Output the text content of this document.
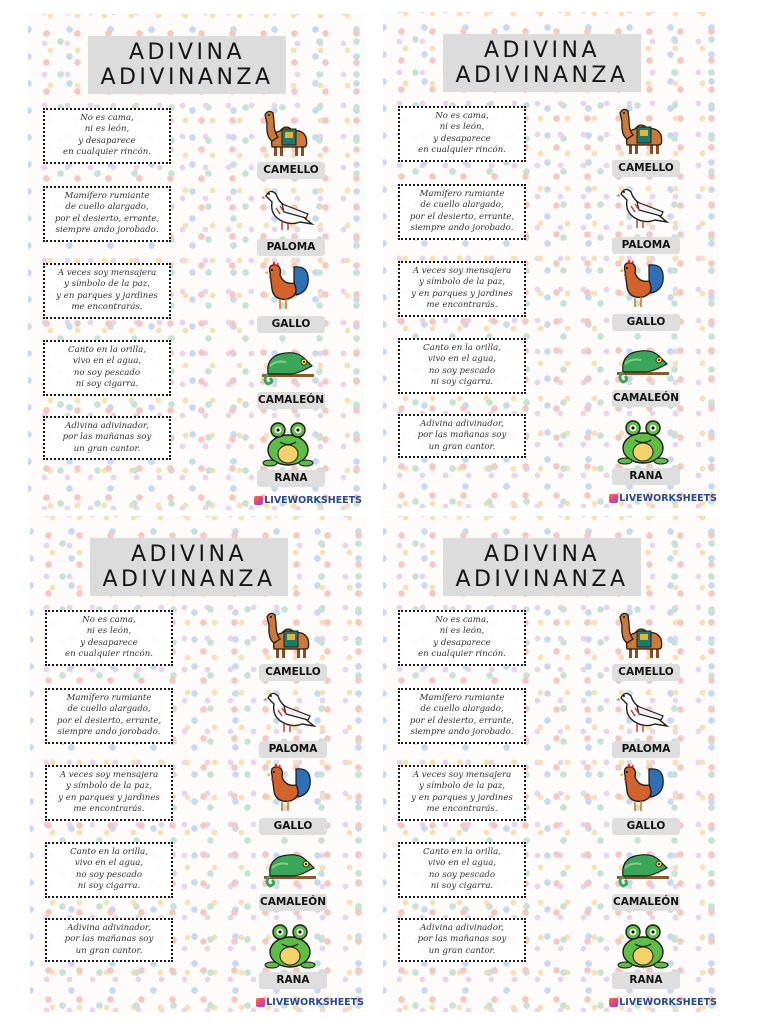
ADIVINA
ADIVINANZA
No es cama,
ni es león,
y desaparece
en cualquier rincón.
Mamífero rumiante
de cuello alargado,
por el desierto, errante,
siempre ando jorobado.
A veces soy mensajera
y símbolo de la paz,
y en parques y jardines
me encontrarás.
Canto en la orilla,
vivo en el agua,
no soy pescado
ni soy cigarra.
Adivina adivinador,
por las mañanas soy
un gran cantor.
CAMELLO
PALOMA
GALLO
CAMALEÓN
RANA
LIVEWORKSHEETS
ADIVINA
ADIVINANZA
No es cama,
ni es león,
y desaparece
en cualquier rincón.
Mamífero rumiante
de cuello alargado,
por el desierto, errante,
siempre ando jorobado.
A veces soy mensajera
y símbolo de la paz,
y en parques y jardines
me encontrarás.
Canto en la orilla,
vivo en el agua,
no soy pescado
ni soy cigarra.
Adivina adivinador,
por las mañanas soy
un gran cantor.
CAMELLO
PALOMA
GALLO
CAMALEÓN
RANA
LIVEWORKSHEETS
ADIVINA
ADIVINANZA
No es cama,
ni es león,
y desaparece
en cualquier rincón.
Mamífero rumiante
de cuello alargado,
por el desierto, errante,
siempre ando jorobado.
A veces soy mensajera
y símbolo de la paz,
y en parques y jardines
me encontrarás.
Canto en la orilla,
vivo en el agua,
no soy pescado
ni soy cigarra.
Adivina adivinador,
por las mañanas soy
un gran cantor.
CAMELLO
PALOMA
GALLO
CAMALEÓN
RANA
LIVEWORKSHEETS
ADIVINA
ADIVINANZA
No es cama,
ni es león,
y desaparece
en cualquier rincón.
Mamífero rumiante
de cuello alargado,
por el desierto, errante,
siempre ando jorobado.
A veces soy mensajera
y símbolo de la paz,
y en parques y jardines
me encontrarás.
Canto en la orilla,
vivo en el agua,
no soy pescado
ni soy cigarra.
Adivina adivinador,
por las mañanas soy
un gran cantor.
CAMELLO
PALOMA
GALLO
CAMALEÓN
RANA
LIVEWORKSHEETS
